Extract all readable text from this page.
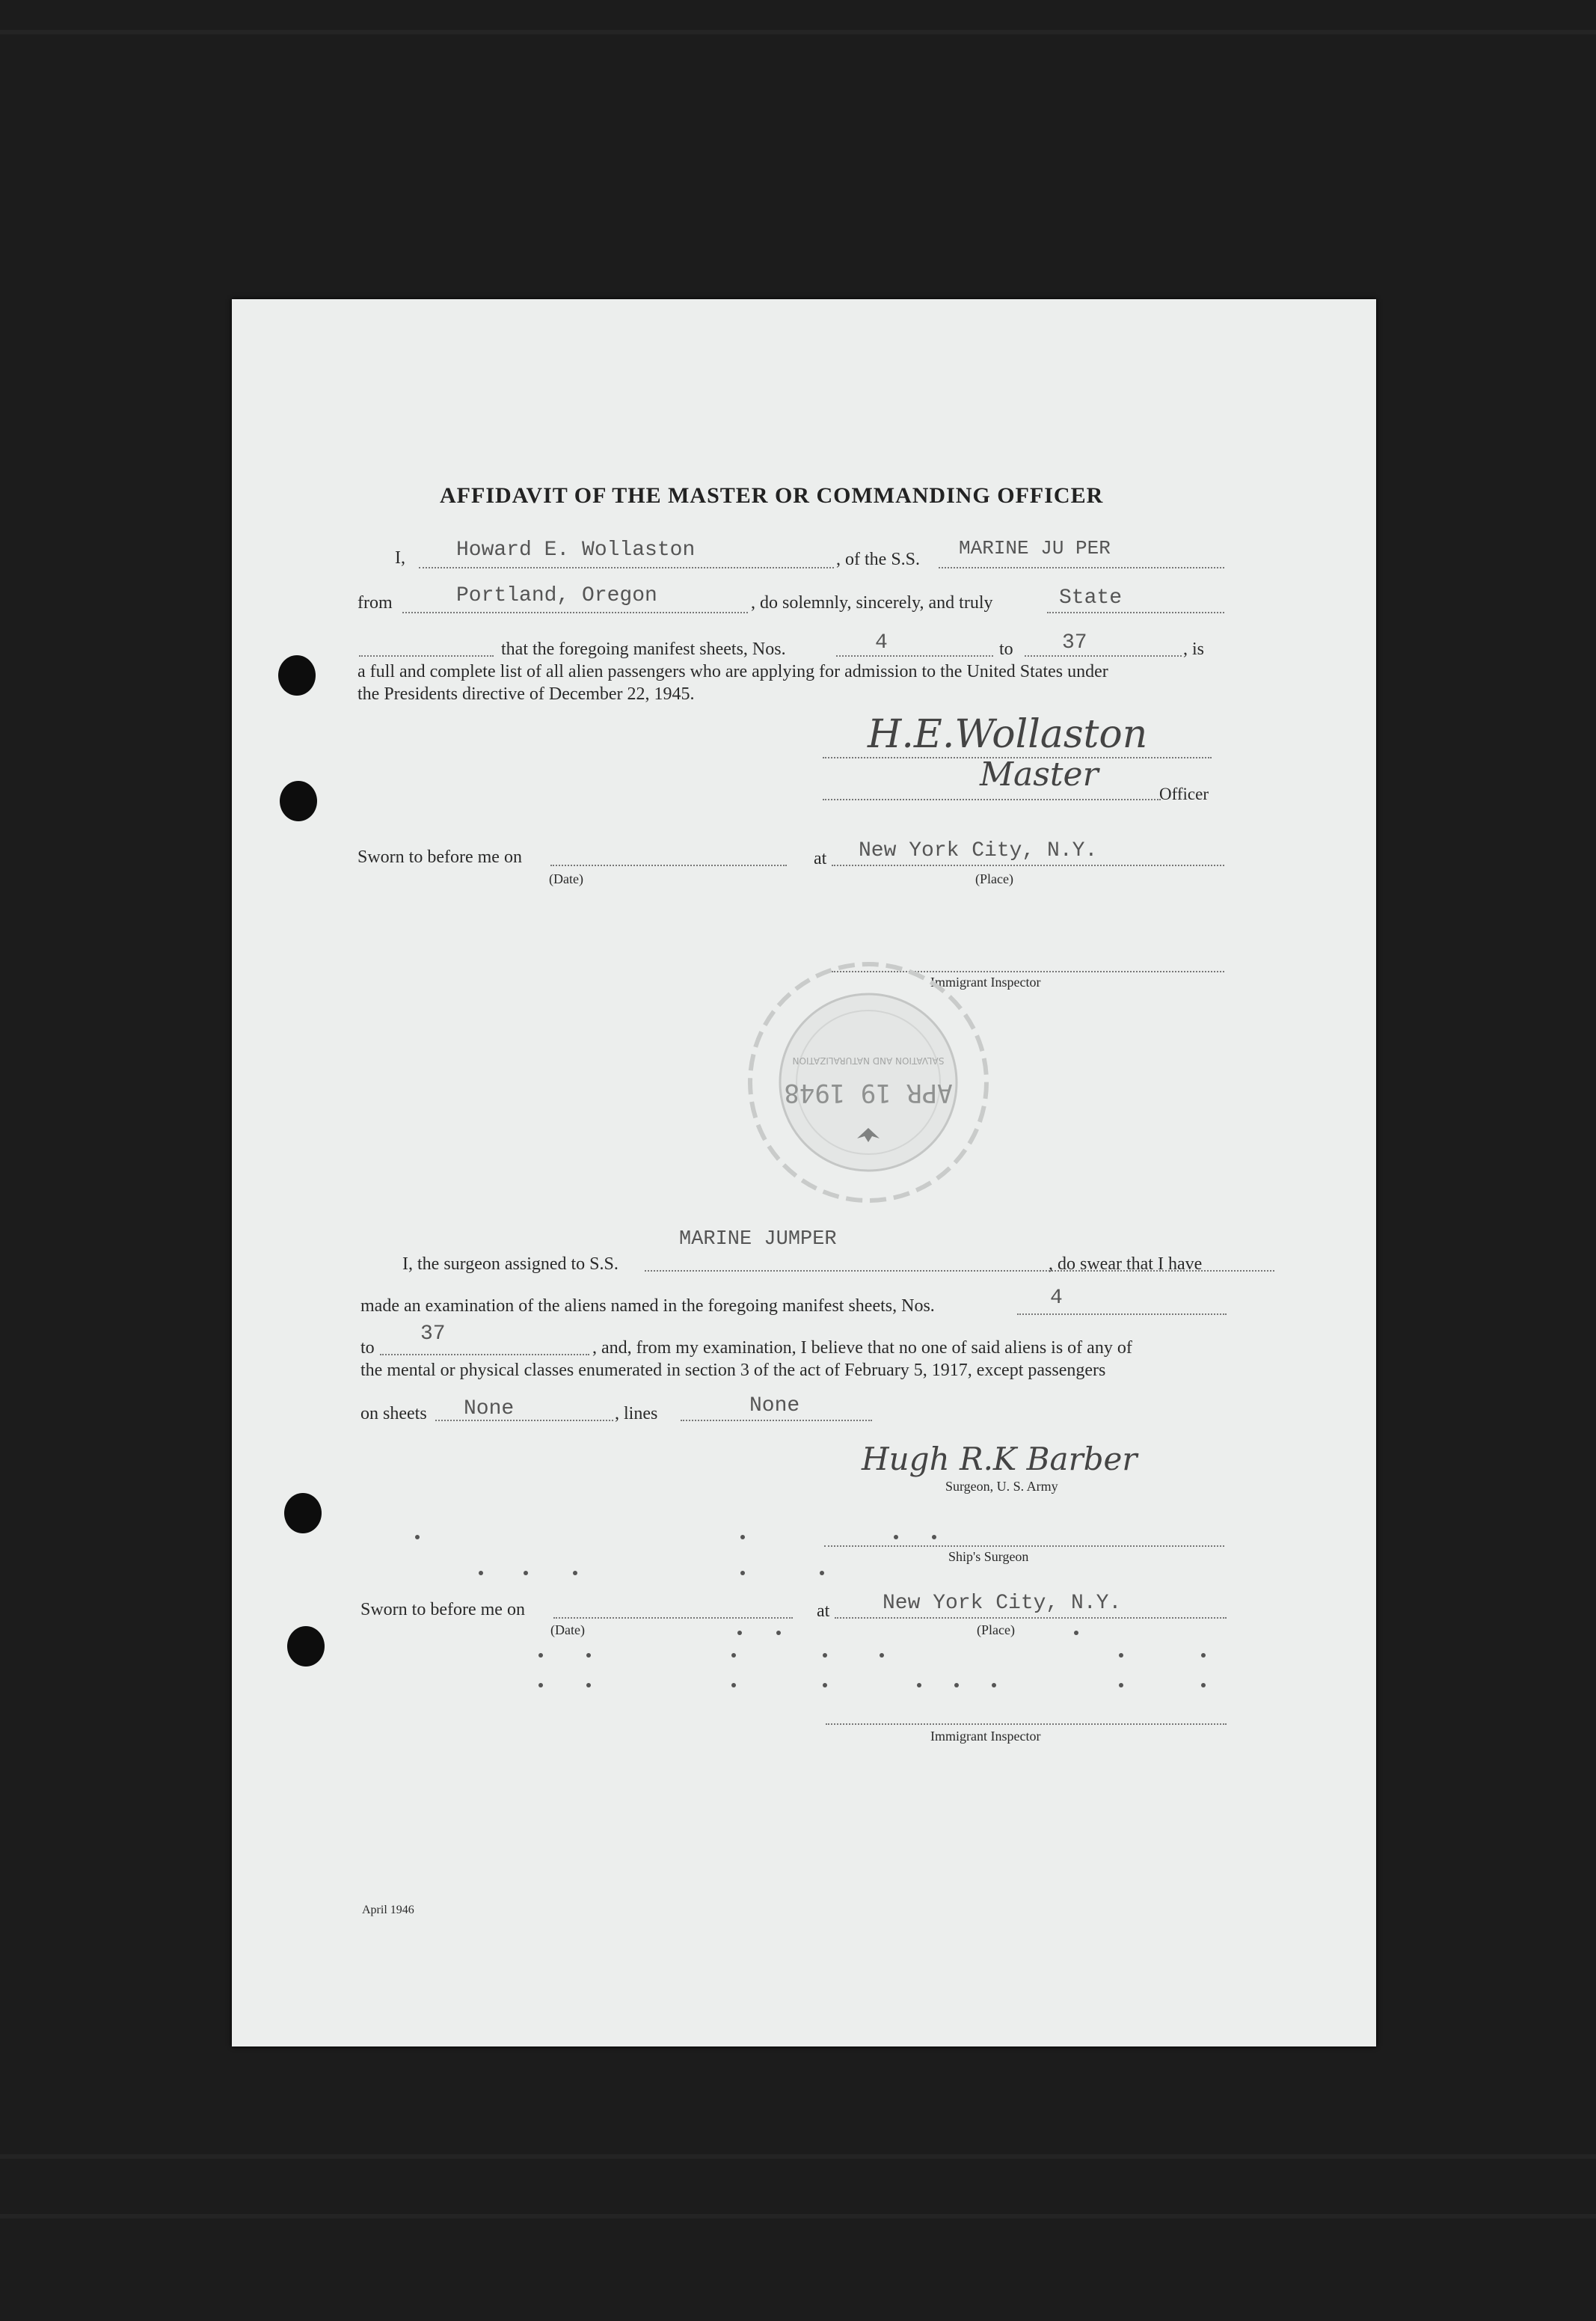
AFFIDAVIT OF THE MASTER OR COMMANDING OFFICER
I, Howard E. Wollaston	, of the S.S. MARINE JU PER
from	Portland, Oregon	, do solemnly, sincerely, and truly	State
that the foregoing manifest sheets, Nos.	4	to 37	, is
a full and complete list of all alien passengers who are applying for admission to the United States under
the Presidents directive of December 22, 1945.
H.E.Wollaston
Master
Officer
Sworn to before me on
(Date)
at New York City, N.Y.
(Place)
Immigrant Inspector
APR 19 1948
SALVATION AND NATURALIZATION
I, the surgeon assigned to S.S.
MARINE JUMPER
, do swear that I have
made an examination of the aliens named in the foregoing manifest sheets, Nos.	4
to
37
, and, from my examination, I believe that no one of said aliens is of any of
the mental or physical classes enumerated in section 3 of the act of February 5, 1917, except passengers
on sheets None	, lines	None
Hugh R.K Barber
Surgeon, U. S. Army
Ship's Surgeon
Sworn to before me on
(Date)
at	New York City, N.Y.
(Place)
Immigrant Inspector
April 1946
